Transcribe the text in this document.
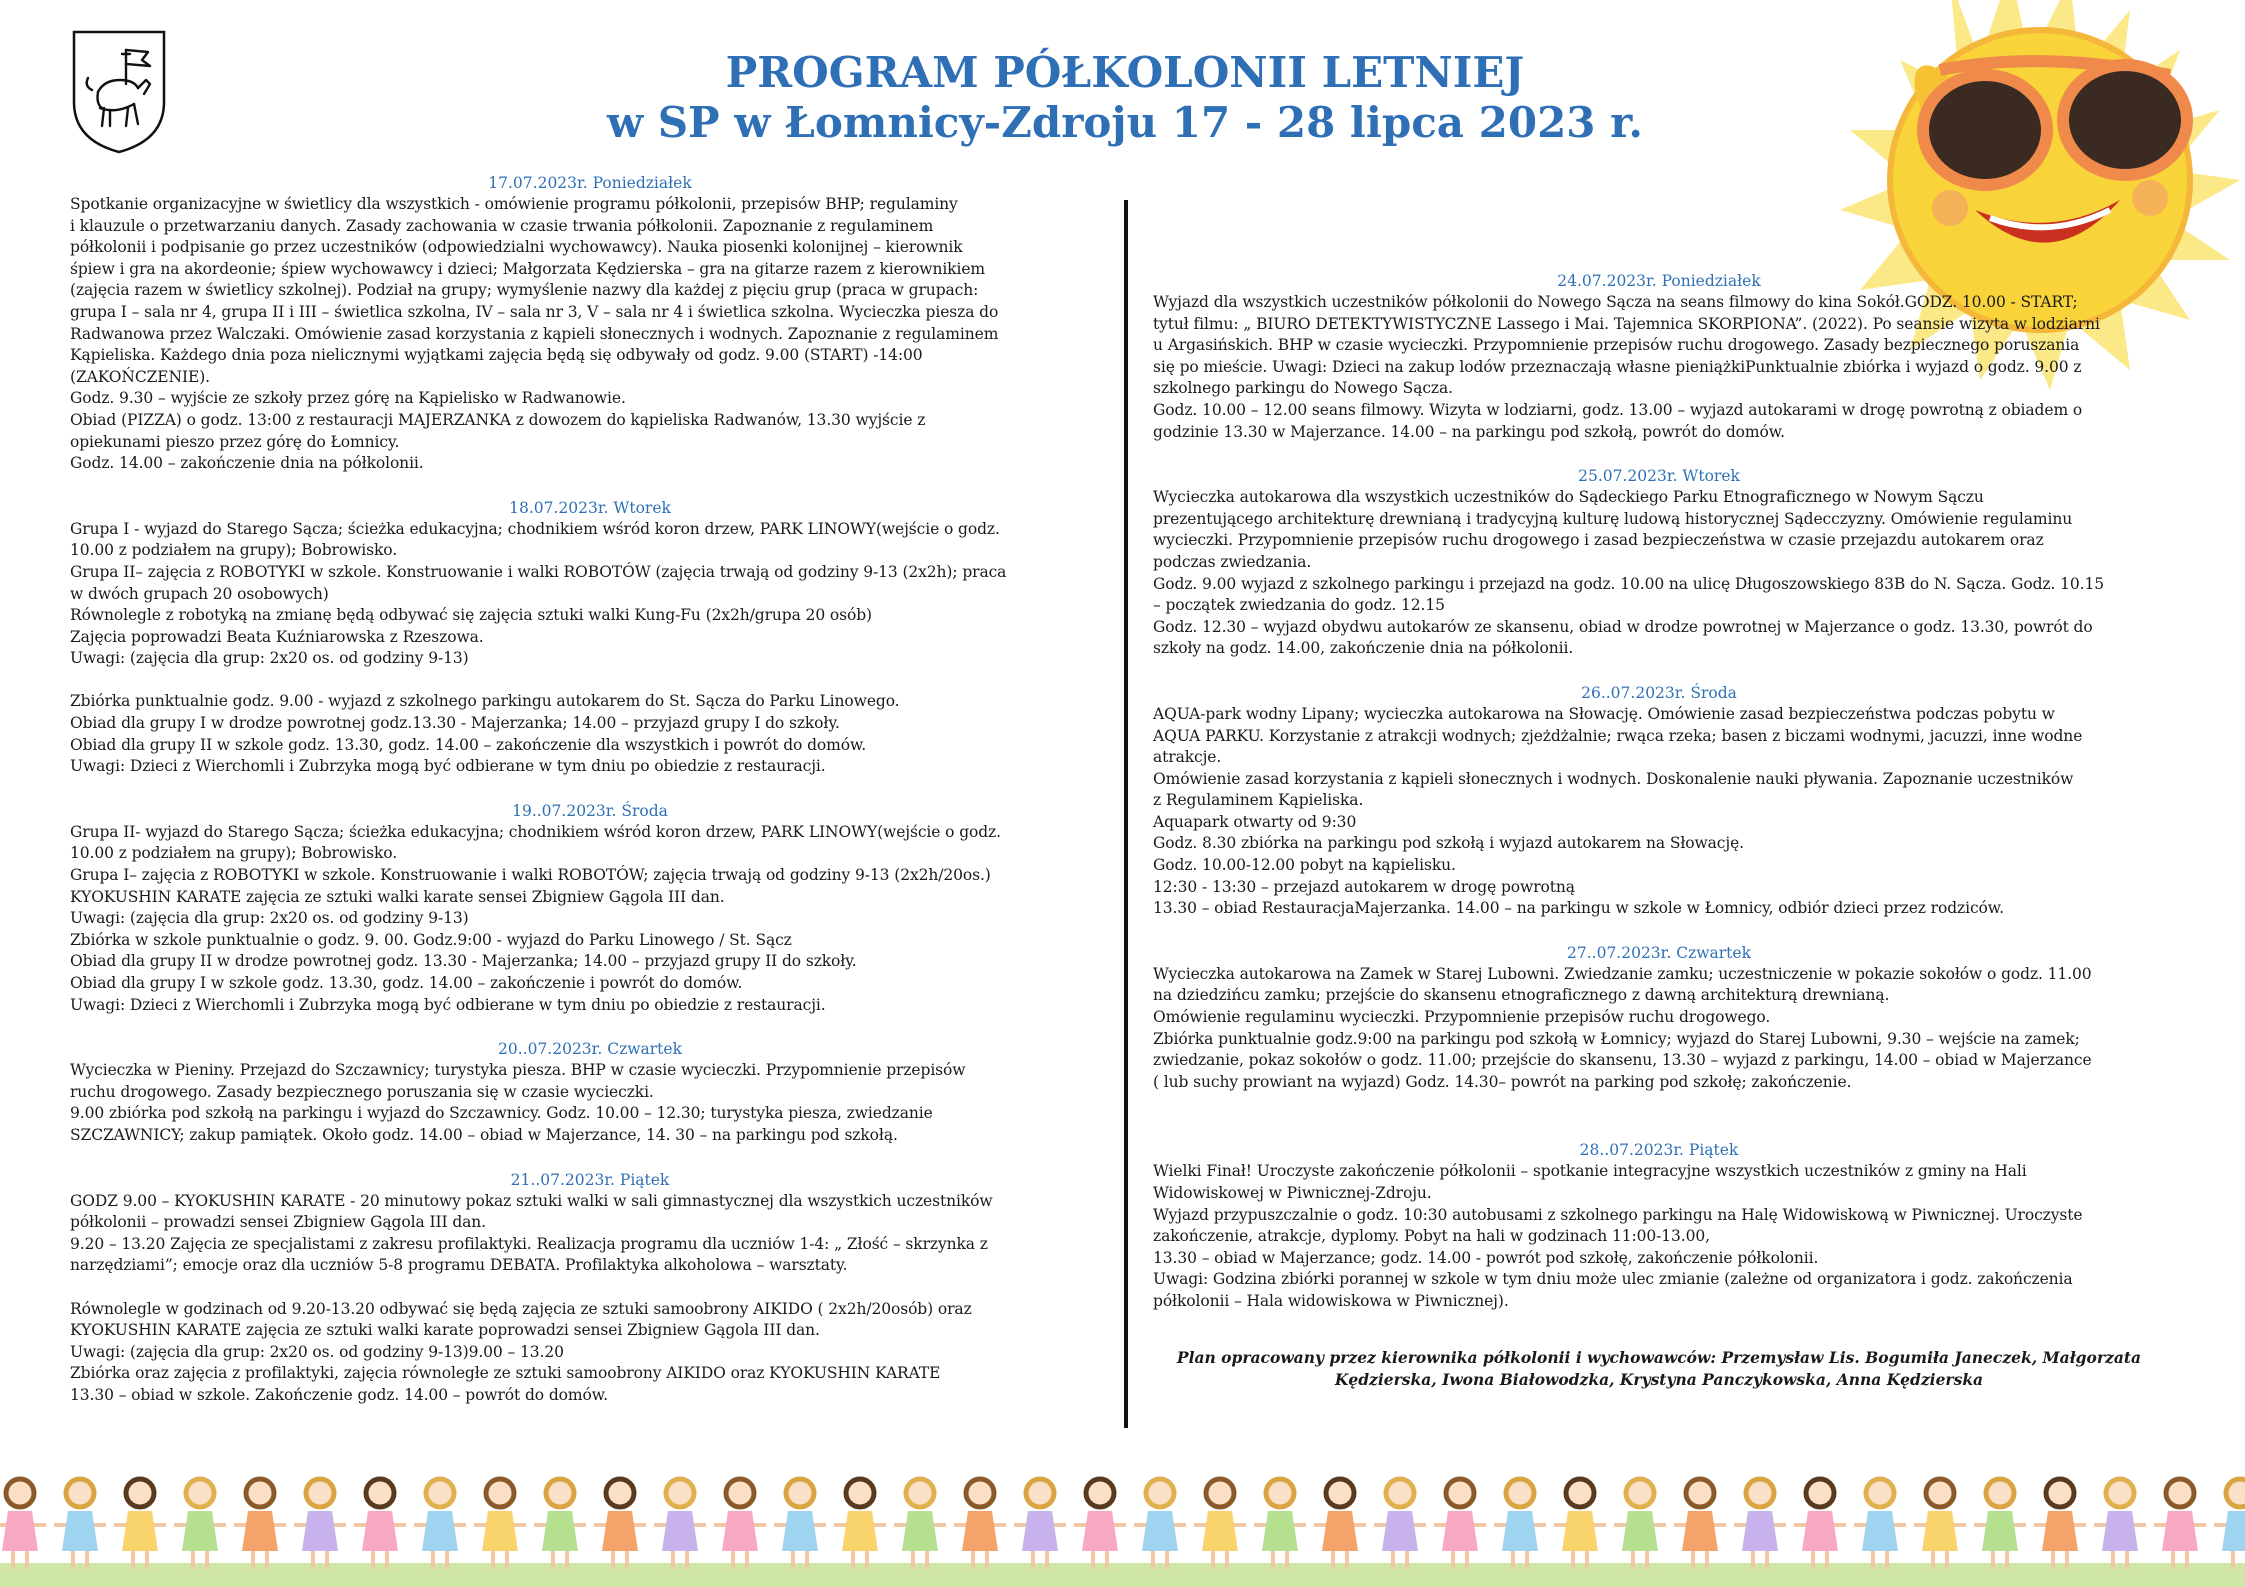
PROGRAM PÓŁKOLONII LETNIEJ
w SP w Łomnicy-Zdroju 17 - 28 lipca 2023 r.
17.07.2023r. Poniedziałek
Spotkanie organizacyjne w świetlicy dla wszystkich - omówienie programu półkolonii, przepisów BHP; regulaminy
i klauzule o przetwarzaniu danych. Zasady zachowania w czasie trwania półkolonii. Zapoznanie z regulaminem
półkolonii i podpisanie go przez uczestników (odpowiedzialni wychowawcy). Nauka piosenki kolonijnej – kierownik
śpiew i gra na akordeonie; śpiew wychowawcy i dzieci; Małgorzata Kędzierska – gra na gitarze razem z kierownikiem
(zajęcia razem w świetlicy szkolnej). Podział na grupy; wymyślenie nazwy dla każdej z pięciu grup (praca w grupach:
grupa I – sala nr 4, grupa II i III – świetlica szkolna, IV – sala nr 3, V – sala nr 4 i świetlica szkolna. Wycieczka piesza do
Radwanowa przez Walczaki. Omówienie zasad korzystania z kąpieli słonecznych i wodnych. Zapoznanie z regulaminem
Kąpieliska. Każdego dnia poza nielicznymi wyjątkami zajęcia będą się odbywały od godz. 9.00 (START) -14:00
(ZAKOŃCZENIE).
Godz. 9.30 – wyjście ze szkoły przez górę na Kąpielisko w Radwanowie.
Obiad (PIZZA) o godz. 13:00 z restauracji MAJERZANKA z dowozem do kąpieliska Radwanów, 13.30 wyjście z
opiekunami pieszo przez górę do Łomnicy.
Godz. 14.00 – zakończenie dnia na półkolonii.
18.07.2023r. Wtorek
Grupa I - wyjazd do Starego Sącza; ścieżka edukacyjna; chodnikiem wśród koron drzew, PARK LINOWY(wejście o godz.
10.00 z podziałem na grupy); Bobrowisko.
Grupa II– zajęcia z ROBOTYKI w szkole. Konstruowanie i walki ROBOTÓW (zajęcia trwają od godziny 9-13 (2x2h); praca
w dwóch grupach 20 osobowych)
Równolegle z robotyką na zmianę będą odbywać się zajęcia sztuki walki Kung-Fu (2x2h/grupa 20 osób)
Zajęcia poprowadzi Beata Kuźniarowska z Rzeszowa.
Uwagi: (zajęcia dla grup: 2x20 os. od godziny 9-13)

Zbiórka punktualnie godz. 9.00 - wyjazd z szkolnego parkingu autokarem do St. Sącza do Parku Linowego.
Obiad dla grupy I w drodze powrotnej godz.13.30 - Majerzanka; 14.00 – przyjazd grupy I do szkoły.
Obiad dla grupy II w szkole godz. 13.30, godz. 14.00 – zakończenie dla wszystkich i powrót do domów.
Uwagi: Dzieci z Wierchomli i Zubrzyka mogą być odbierane w tym dniu po obiedzie z restauracji.
19..07.2023r. Środa
Grupa II- wyjazd do Starego Sącza; ścieżka edukacyjna; chodnikiem wśród koron drzew, PARK LINOWY(wejście o godz.
10.00 z podziałem na grupy); Bobrowisko.
Grupa I– zajęcia z ROBOTYKI w szkole. Konstruowanie i walki ROBOTÓW; zajęcia trwają od godziny 9-13 (2x2h/20os.)
KYOKUSHIN KARATE zajęcia ze sztuki walki karate sensei Zbigniew Gągola III dan.
Uwagi: (zajęcia dla grup: 2x20 os. od godziny 9-13)
Zbiórka w szkole punktualnie o godz. 9. 00. Godz.9:00 - wyjazd do Parku Linowego / St. Sącz
Obiad dla grupy II w drodze powrotnej godz. 13.30 - Majerzanka; 14.00 – przyjazd grupy II do szkoły.
Obiad dla grupy I w szkole godz. 13.30, godz. 14.00 – zakończenie i powrót do domów.
Uwagi: Dzieci z Wierchomli i Zubrzyka mogą być odbierane w tym dniu po obiedzie z restauracji.
20..07.2023r. Czwartek
Wycieczka w Pieniny. Przejazd do Szczawnicy; turystyka piesza. BHP w czasie wycieczki. Przypomnienie przepisów
ruchu drogowego. Zasady bezpiecznego poruszania się w czasie wycieczki.
9.00 zbiórka pod szkołą na parkingu i wyjazd do Szczawnicy. Godz. 10.00 – 12.30; turystyka piesza, zwiedzanie
SZCZAWNICY; zakup pamiątek. Około godz. 14.00 – obiad w Majerzance, 14. 30 – na parkingu pod szkołą.
21..07.2023r. Piątek
GODZ 9.00 – KYOKUSHIN KARATE - 20 minutowy pokaz sztuki walki w sali gimnastycznej dla wszystkich uczestników
półkolonii – prowadzi sensei Zbigniew Gągola III dan.
9.20 – 13.20 Zajęcia ze specjalistami z zakresu profilaktyki. Realizacja programu dla uczniów 1-4: „ Złość – skrzynka z
narzędziami”; emocje oraz dla uczniów 5-8 programu DEBATA. Profilaktyka alkoholowa – warsztaty.

Równolegle w godzinach od 9.20-13.20 odbywać się będą zajęcia ze sztuki samoobrony AIKIDO ( 2x2h/20osób) oraz
KYOKUSHIN KARATE zajęcia ze sztuki walki karate poprowadzi sensei Zbigniew Gągola III dan.
Uwagi: (zajęcia dla grup: 2x20 os. od godziny 9-13)9.00 – 13.20
Zbiórka oraz zajęcia z profilaktyki, zajęcia równoległe ze sztuki samoobrony AIKIDO oraz KYOKUSHIN KARATE
13.30 – obiad w szkole. Zakończenie godz. 14.00 – powrót do domów.
24.07.2023r. Poniedziałek
Wyjazd dla wszystkich uczestników półkolonii do Nowego Sącza na seans filmowy do kina Sokół.GODZ. 10.00 - START;
tytuł filmu: „ BIURO DETEKTYWISTYCZNE Lassego i Mai. Tajemnica SKORPIONA”. (2022). Po seansie wizyta w lodziarni
u Argasińskich. BHP w czasie wycieczki. Przypomnienie przepisów ruchu drogowego. Zasady bezpiecznego poruszania
się po mieście. Uwagi: Dzieci na zakup lodów przeznaczają własne pieniążkiPunktualnie zbiórka i wyjazd o godz. 9.00 z
szkolnego parkingu do Nowego Sącza.
Godz. 10.00 – 12.00 seans filmowy. Wizyta w lodziarni, godz. 13.00 – wyjazd autokarami w drogę powrotną z obiadem o
godzinie 13.30 w Majerzance. 14.00 – na parkingu pod szkołą, powrót do domów.
25.07.2023r. Wtorek
Wycieczka autokarowa dla wszystkich uczestników do Sądeckiego Parku Etnograficznego w Nowym Sączu
prezentującego architekturę drewnianą i tradycyjną kulturę ludową historycznej Sądecczyzny. Omówienie regulaminu
wycieczki. Przypomnienie przepisów ruchu drogowego i zasad bezpieczeństwa w czasie przejazdu autokarem oraz
podczas zwiedzania.
Godz. 9.00 wyjazd z szkolnego parkingu i przejazd na godz. 10.00 na ulicę Długoszowskiego 83B do N. Sącza. Godz. 10.15
– początek zwiedzania do godz. 12.15
Godz. 12.30 – wyjazd obydwu autokarów ze skansenu, obiad w drodze powrotnej w Majerzance o godz. 13.30, powrót do
szkoły na godz. 14.00, zakończenie dnia na półkolonii.
26..07.2023r. Środa
AQUA-park wodny Lipany; wycieczka autokarowa na Słowację. Omówienie zasad bezpieczeństwa podczas pobytu w
AQUA PARKU. Korzystanie z atrakcji wodnych; zjeżdżalnie; rwąca rzeka; basen z biczami wodnymi, jacuzzi, inne wodne
atrakcje.
Omówienie zasad korzystania z kąpieli słonecznych i wodnych. Doskonalenie nauki pływania. Zapoznanie uczestników
z Regulaminem Kąpieliska.
Aquapark otwarty od 9:30
Godz. 8.30 zbiórka na parkingu pod szkołą i wyjazd autokarem na Słowację.
Godz. 10.00-12.00 pobyt na kąpielisku.
12:30 - 13:30 – przejazd autokarem w drogę powrotną
13.30 – obiad RestauracjaMajerzanka. 14.00 – na parkingu w szkole w Łomnicy, odbiór dzieci przez rodziców.
27..07.2023r. Czwartek
Wycieczka autokarowa na Zamek w Starej Lubowni. Zwiedzanie zamku; uczestniczenie w pokazie sokołów o godz. 11.00
na dziedzińcu zamku; przejście do skansenu etnograficznego z dawną architekturą drewnianą.
Omówienie regulaminu wycieczki. Przypomnienie przepisów ruchu drogowego.
Zbiórka punktualnie godz.9:00 na parkingu pod szkołą w Łomnicy; wyjazd do Starej Lubowni, 9.30 – wejście na zamek;
zwiedzanie, pokaz sokołów o godz. 11.00; przejście do skansenu, 13.30 – wyjazd z parkingu, 14.00 – obiad w Majerzance
( lub suchy prowiant na wyjazd) Godz. 14.30– powrót na parking pod szkołę; zakończenie.
28..07.2023r. Piątek
Wielki Finał! Uroczyste zakończenie półkolonii – spotkanie integracyjne wszystkich uczestników z gminy na Hali
Widowiskowej w Piwnicznej-Zdroju.
Wyjazd przypuszczalnie o godz. 10:30 autobusami z szkolnego parkingu na Halę Widowiskową w Piwnicznej. Uroczyste
zakończenie, atrakcje, dyplomy. Pobyt na hali w godzinach 11:00-13.00,
13.30 – obiad w Majerzance; godz. 14.00 - powrót pod szkołę, zakończenie półkolonii.
Uwagi: Godzina zbiórki porannej w szkole w tym dniu może ulec zmianie (zależne od organizatora i godz. zakończenia
półkolonii – Hala widowiskowa w Piwnicznej).
Plan opracowany przez kierownika półkolonii i wychowawców: Przemysław Lis. Bogumiła Janeczek, Małgorzata Kędzierska, Iwona Białowodzka, Krystyna Panczykowska, Anna Kędzierska
